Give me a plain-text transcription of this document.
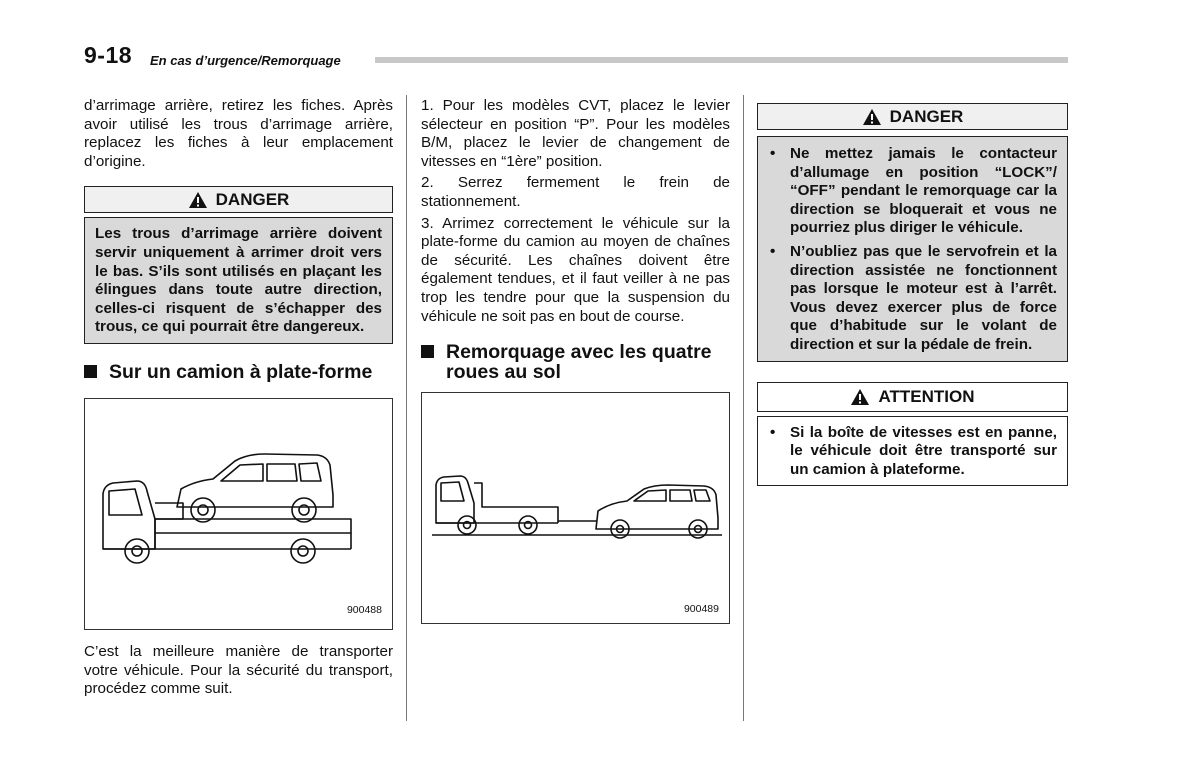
9-18 En cas d’urgence/Remorquage

d’arrimage arrière, retirez les fiches. Après avoir utilisé les trous d’arrimage arrière, replacez les fiches à leur emplacement d’origine.

DANGER
Les trous d’arrimage arrière doivent servir uniquement à arrimer droit vers le bas. S’ils sont utilisés en plaçant les élingues dans toute autre direction, celles-ci risquent de s’échapper des trous, ce qui pourrait être dangereux.
Sur un camion à plate-forme
900488

C’est la meilleure manière de transporter votre véhicule. Pour la sécurité du transport, procédez comme suit.

1. Pour les modèles CVT, placez le levier sélecteur en position “P”. Pour les modèles B/M, placez le levier de changement de vitesses en “1ère” position.

2. Serrez fermement le frein de stationnement.

3. Arrimez correctement le véhicule sur la plate-forme du camion au moyen de chaînes de sécurité. Les chaînes doivent être également tendues, et il faut veiller à ne pas trop les tendre pour que la suspension du véhicule ne soit pas en bout de course.

Remorquage avec les quatre roues au sol
900489
DANGER
• Ne mettez jamais le contacteur d’allumage en position “LOCK”/ “OFF” pendant le remorquage car la direction se bloquerait et vous ne pourriez plus diriger le véhicule.
• N’oubliez pas que le servofrein et la direction assistée ne fonctionnent pas lorsque le moteur est à l’arrêt. Vous devez exercer plus de force que d’habitude sur le volant de direction et sur la pédale de frein.
ATTENTION
• Si la boîte de vitesses est en panne, le véhicule doit être transporté sur un camion à plateforme.
